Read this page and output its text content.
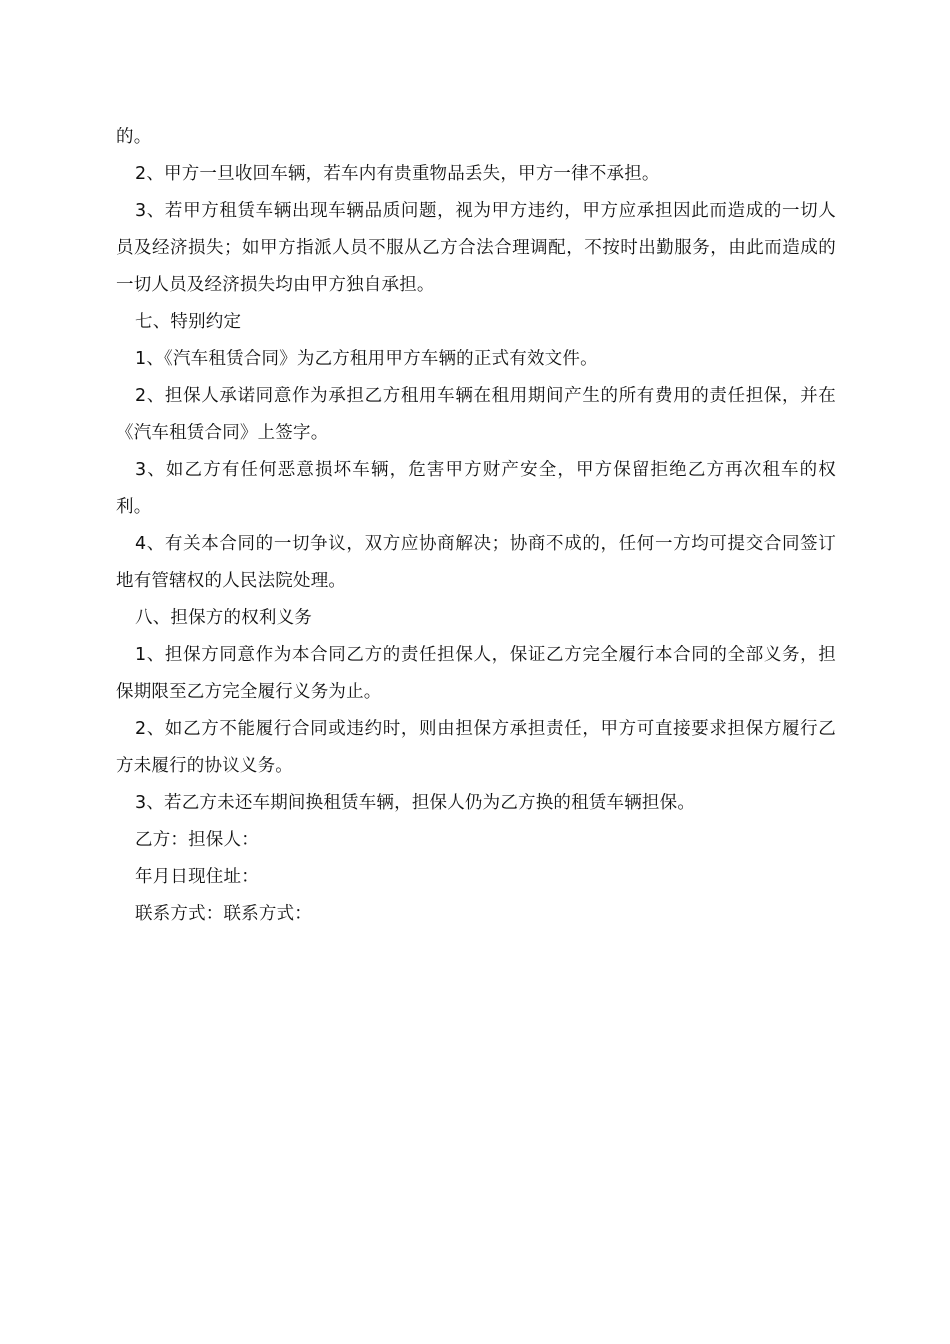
的。

2、甲方一旦收回车辆，若车内有贵重物品丢失，甲方一律不承担。

3、若甲方租赁车辆出现车辆品质问题，视为甲方违约，甲方应承担因此而造成的一切人员及经济损失；如甲方指派人员不服从乙方合法合理调配，不按时出勤服务，由此而造成的一切人员及经济损失均由甲方独自承担。

七、特别约定

1、《汽车租赁合同》为乙方租用甲方车辆的正式有效文件。

2、担保人承诺同意作为承担乙方租用车辆在租用期间产生的所有费用的责任担保，并在《汽车租赁合同》上签字。

3、如乙方有任何恶意损坏车辆，危害甲方财产安全，甲方保留拒绝乙方再次租车的权利。

4、有关本合同的一切争议，双方应协商解决；协商不成的，任何一方均可提交合同签订地有管辖权的人民法院处理。

八、担保方的权利义务

1、担保方同意作为本合同乙方的责任担保人，保证乙方完全履行本合同的全部义务，担保期限至乙方完全履行义务为止。

2、如乙方不能履行合同或违约时，则由担保方承担责任，甲方可直接要求担保方履行乙方未履行的协议义务。

3、若乙方未还车期间换租赁车辆，担保人仍为乙方换的租赁车辆担保。

乙方：担保人：

年月日现住址：

联系方式：联系方式：
